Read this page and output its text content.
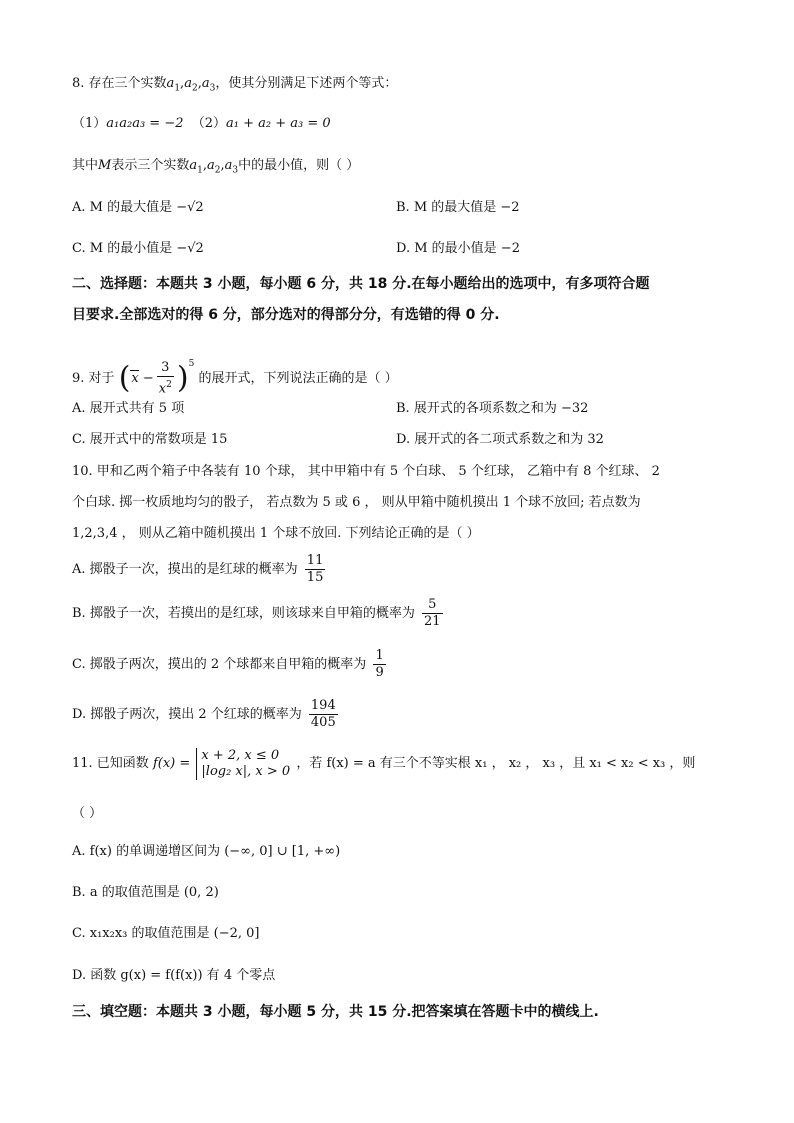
8. 存在三个实数$a_1,a_2,a_3$，使其分别满足下述两个等式：
（1）a₁a₂a₃ = −2 （2）a₁ + a₂ + a₃ = 0
其中M表示三个实数$a_1,a_2,a_3$中的最小值，则（ ）
A. M 的最大值是 −√2	B. M 的最大值是 −2
C. M 的最小值是 −√2	D. M 的最小值是 −2
二、选择题：本题共 3 小题，每小题 6 分，共 18 分.在每小题给出的选项中，有多项符合题
目要求.全部选对的得 6 分，部分选对的得部分分，有选错的得 0 分.
9. 对于 $(x - \frac{3}{x^2} )^5$ 的展开式，下列说法正确的是（ ）
A. 展开式共有 5 项	B. 展开式的各项系数之和为 −32
C. 展开式中的常数项是 15	D. 展开式的各二项式系数之和为 32
10. 甲和乙两个箱子中各装有 10 个球， 其中甲箱中有 5 个白球、 5 个红球， 乙箱中有 8 个红球、 2
个白球. 掷一枚质地均匀的骰子， 若点数为 5 或 6 ， 则从甲箱中随机摸出 1 个球不放回; 若点数为
1,2,3,4 ， 则从乙箱中随机摸出 1 个球不放回. 下列结论正确的是（ ）
A. 掷骰子一次，摸出的是红球的概率为 $\frac{11}{15}$
B. 掷骰子一次，若摸出的是红球，则该球来自甲箱的概率为 $\frac{5}{21}$
C. 掷骰子两次，摸出的 2 个球都来自甲箱的概率为 $\frac{1}{9}$
D. 掷骰子两次，摸出 2 个红球的概率为 $\frac{194}{405}$
11. 已知函数 f(x) =
x + 2, x ≤ 0
|log₂ x|, x > 0 ，若 f(x) = a 有三个不等实根 x₁ ， x₂ ， x₃ ，且 x₁ < x₂ < x₃ ，则
（ ）
A. f(x) 的单调递增区间为 (−∞, 0] ∪ [1, +∞)
B. a 的取值范围是 (0, 2)
C. x₁x₂x₃ 的取值范围是 (−2, 0]
D. 函数 g(x) = f(f(x)) 有 4 个零点
三、填空题：本题共 3 小题，每小题 5 分，共 15 分.把答案填在答题卡中的横线上.
